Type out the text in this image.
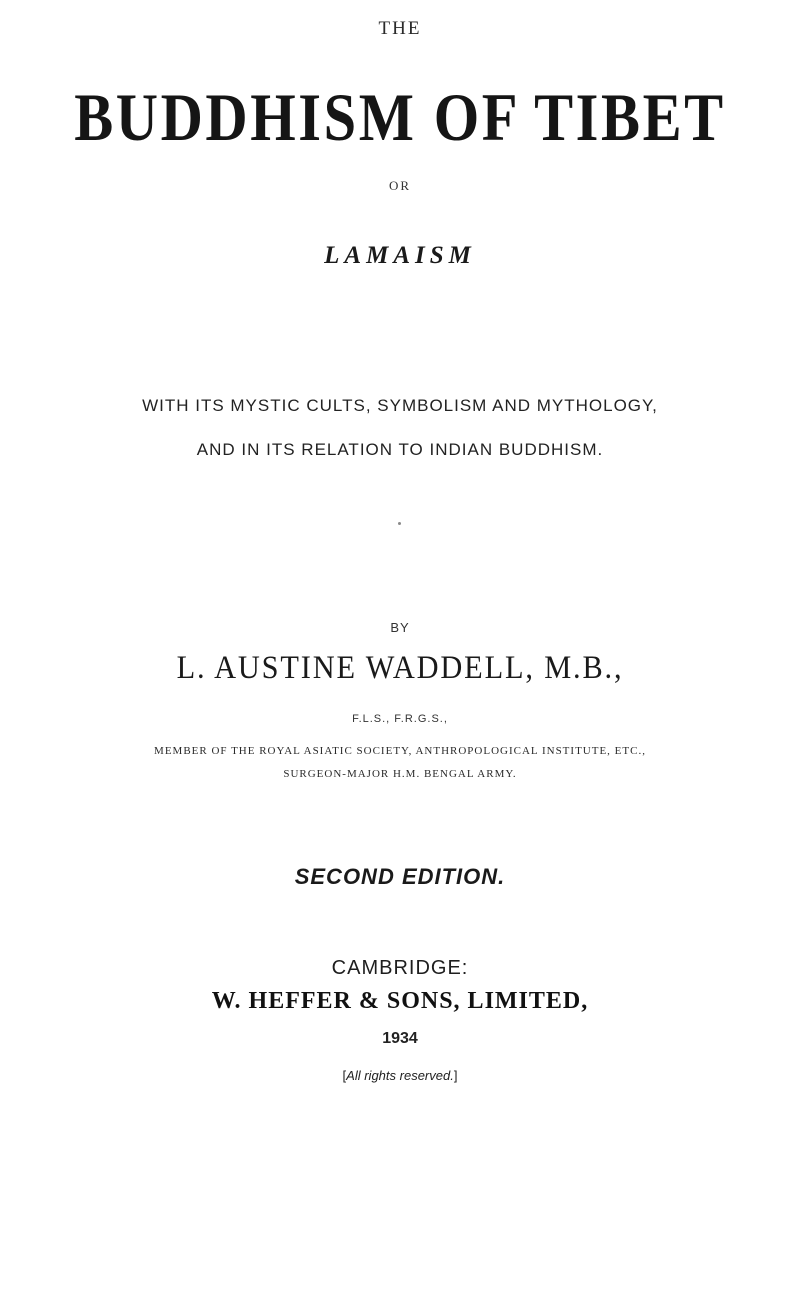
THE

BUDDHISM OF TIBET

OR

LAMAISM

WITH ITS MYSTIC CULTS, SYMBOLISM AND MYTHOLOGY,

AND IN ITS RELATION TO INDIAN BUDDHISM.

BY

L. AUSTINE WADDELL, M.B.,

F.L.S., F.R.G.S.,

MEMBER OF THE ROYAL ASIATIC SOCIETY, ANTHROPOLOGICAL INSTITUTE, ETC.,

SURGEON-MAJOR H.M. BENGAL ARMY.

SECOND EDITION.

CAMBRIDGE:

W. HEFFER & SONS, LIMITED,

1934

[All rights reserved.]
